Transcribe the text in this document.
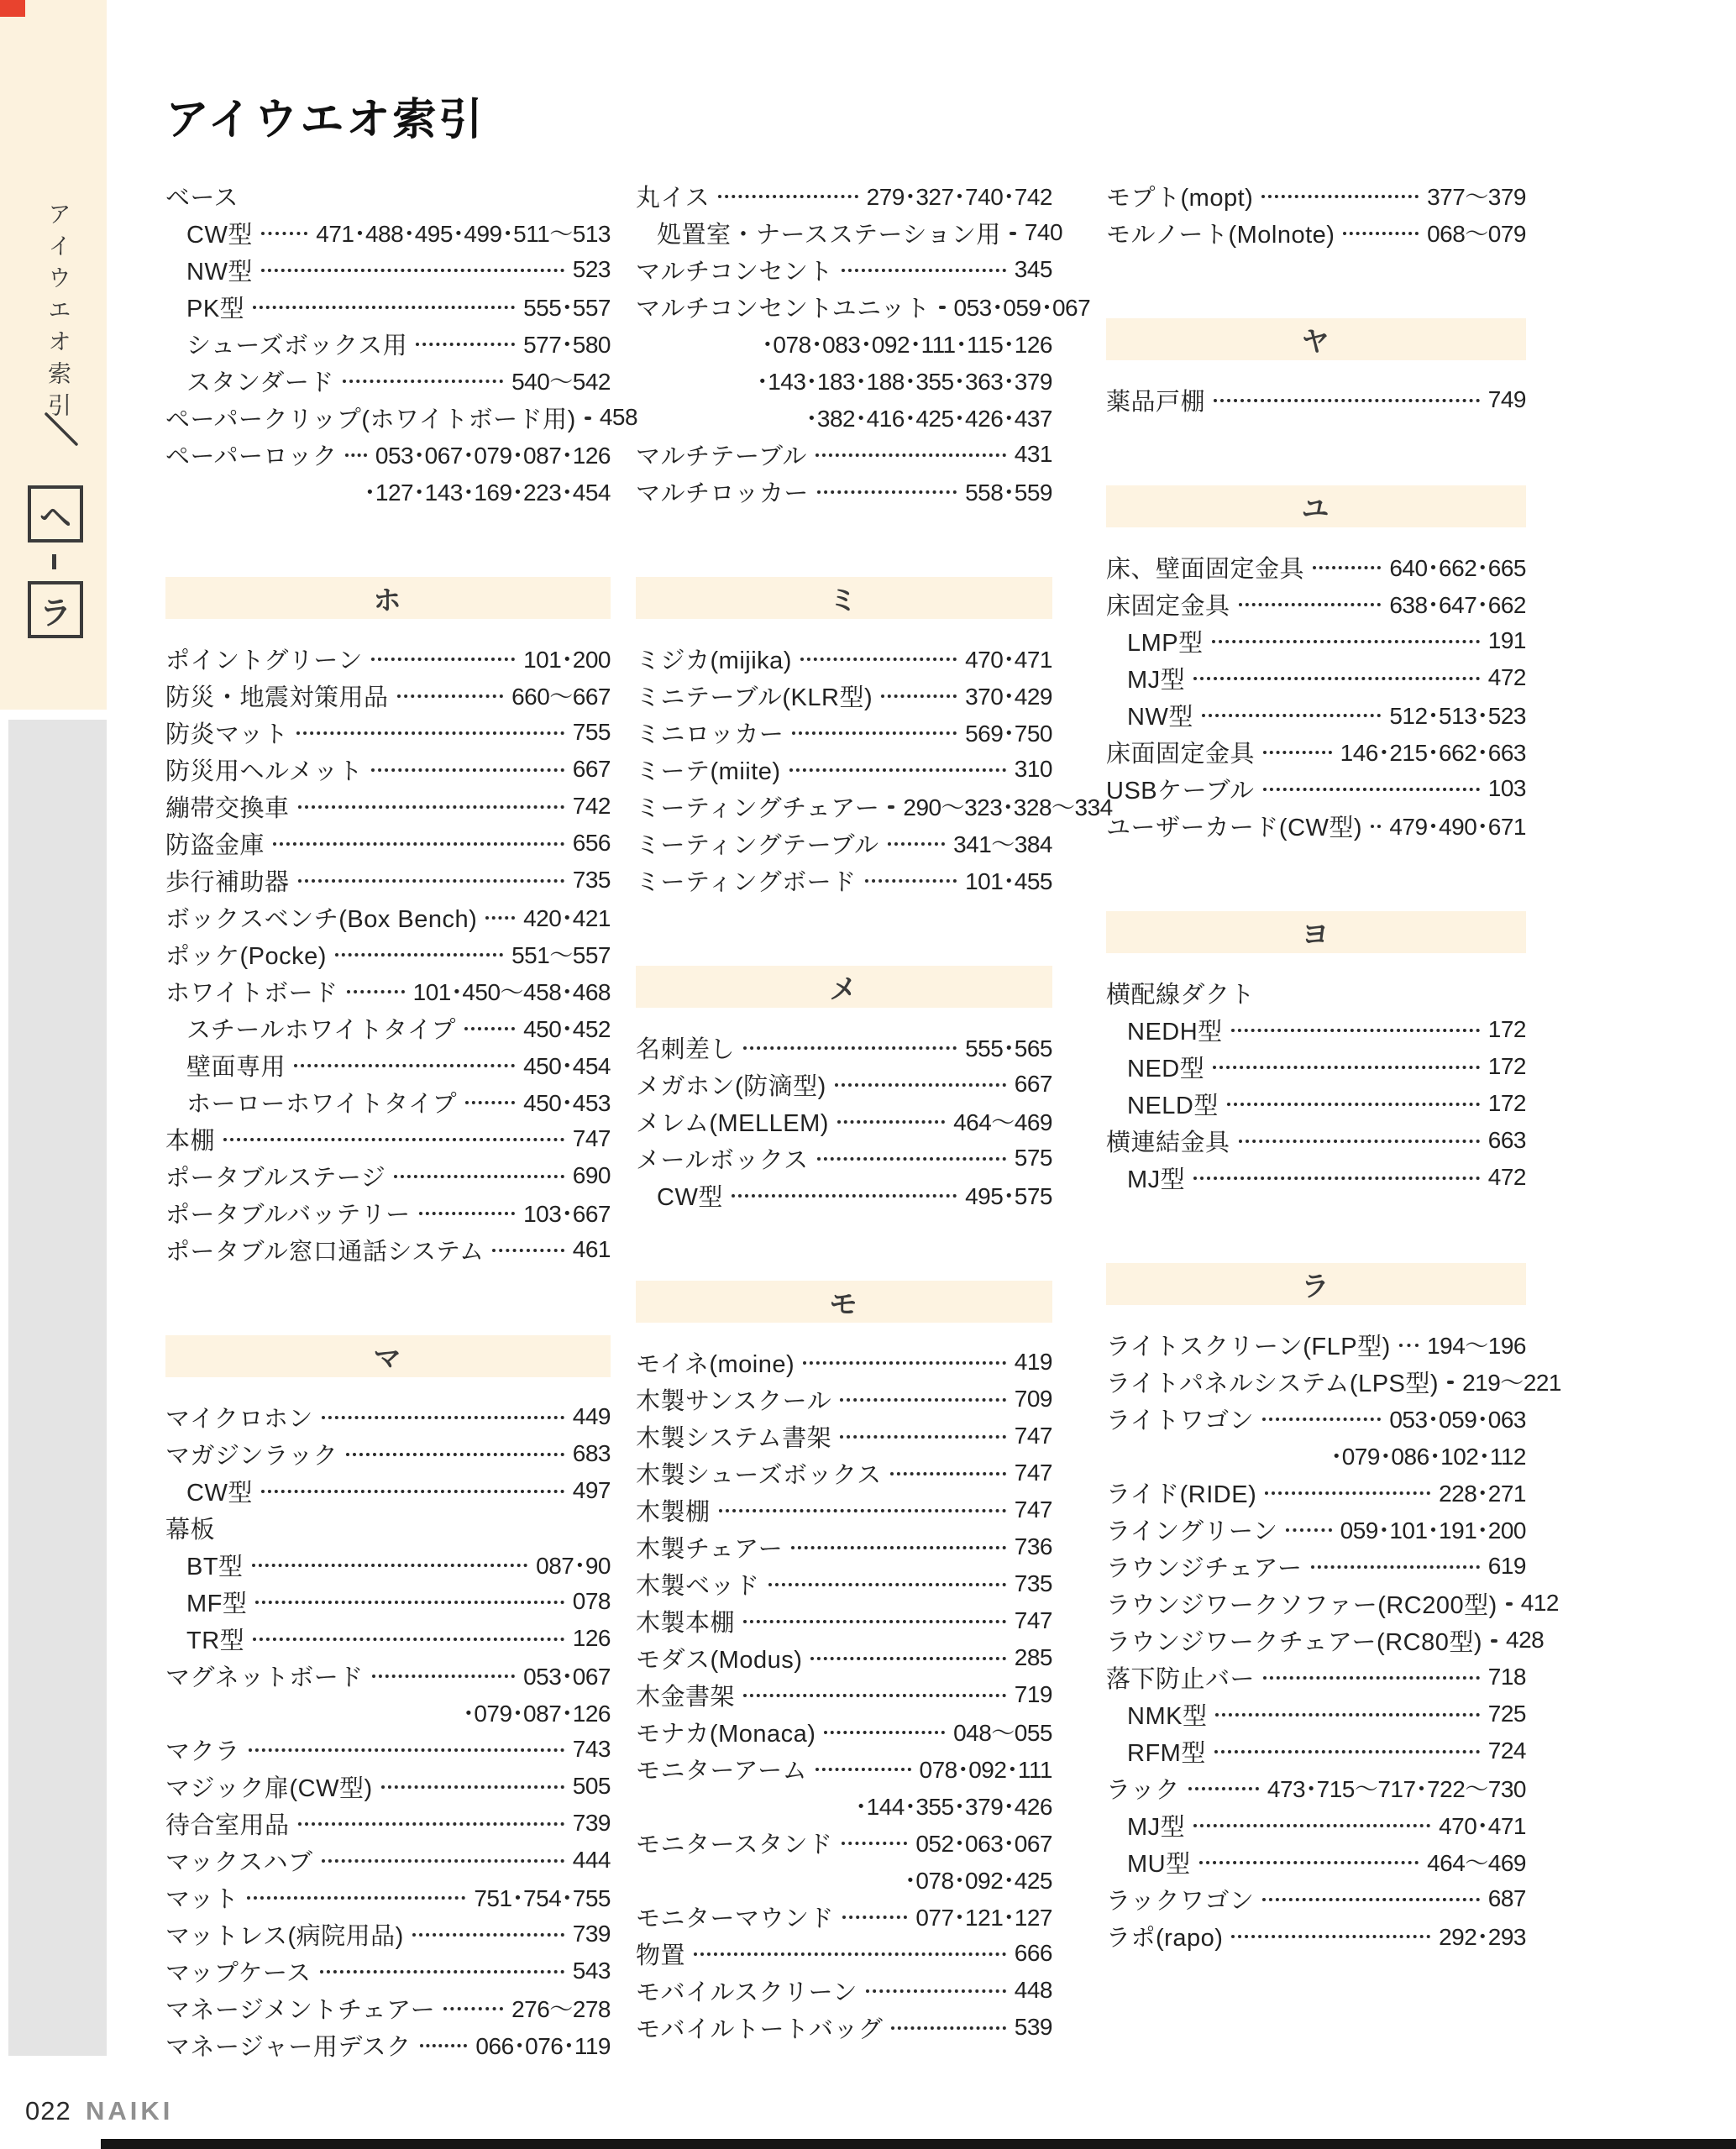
アイウエオ索引
ヘ
ラ
アイウエオ索引
ベース
CW型	471・488・495・499・511〜513
NW型	523
PK型	555・557
シューズボックス用	577・580
スタンダード	540〜542
ペーパークリップ(ホワイトボード用) 458
ペーパーロック 053・067・079・087・126
・127・143・169・223・454
ホ
ポイントグリーン	101・200
防災・地震対策用品	660〜667
防炎マット	755
防災用ヘルメット	667
繃帯交換車	742
防盗金庫	656
歩行補助器	735
ボックスベンチ(Box Bench) 420・421
ポッケ(Pocke)	551〜557
ホワイトボード	101・450〜458・468
スチールホワイトタイプ	450・452
壁面専用	450・454
ホーローホワイトタイプ	450・453
本棚	747
ポータブルステージ	690
ポータブルバッテリー	103・667
ポータブル窓口通話システム	461
マ
マイクロホン	449
マガジンラック	683
CW型	497
幕板
BT型	087・90
MF型	078
TR型	126
マグネットボード	053・067
・079・087・126
マクラ	743
マジック扉(CW型)	505
待合室用品	739
マックスハブ	444
マット	751・754・755
マットレス(病院用品)	739
マップケース	543
マネージメントチェアー	276〜278
マネージャー用デスク	066・076・119
丸イス	279・327・740・742
処置室・ナースステーション用 740
マルチコンセント	345
マルチコンセントユニット 053・059・067
・078・083・092・111・115・126
・143・183・188・355・363・379
・382・416・425・426・437
マルチテーブル	431
マルチロッカー	558・559
ミ
ミジカ(mijika)	470・471
ミニテーブル(KLR型)	370・429
ミニロッカー	569・750
ミーテ(miite)	310
ミーティングチェアー 290〜323・328〜334
ミーティングテーブル	341〜384
ミーティングボード	101・455
メ
名刺差し	555・565
メガホン(防滴型)	667
メレム(MELLEM)	464〜469
メールボックス	575
CW型	495・575
モ
モイネ(moine)	419
木製サンスクール	709
木製システム書架	747
木製シューズボックス	747
木製棚	747
木製チェアー	736
木製ベッド	735
木製本棚	747
モダス(Modus)	285
木金書架	719
モナカ(Monaca)	048〜055
モニターアーム	078・092・111
・144・355・379・426
モニタースタンド	052・063・067
・078・092・425
モニターマウンド	077・121・127
物置	666
モバイルスクリーン	448
モバイルトートバッグ	539
モプト(mopt)	377〜379
モルノート(Molnote)	068〜079
ヤ
薬品戸棚	749
ユ
床、壁面固定金具	640・662・665
床固定金具	638・647・662
LMP型	191
MJ型	472
NW型	512・513・523
床面固定金具	146・215・662・663
USBケーブル	103
ユーザーカード(CW型) 479・490・671
ヨ
横配線ダクト
NEDH型	172
NED型	172
NELD型	172
横連結金具	663
MJ型	472
ラ
ライトスクリーン(FLP型) 194〜196
ライトパネルシステム(LPS型) 219〜221
ライトワゴン	053・059・063
・079・086・102・112
ライド(RIDE)	228・271
ライングリーン	059・101・191・200
ラウンジチェアー	619
ラウンジワークソファー(RC200型) 412
ラウンジワークチェアー(RC80型) 428
落下防止バー	718
NMK型	725
RFM型	724
ラック	473・715〜717・722〜730
MJ型	470・471
MU型	464〜469
ラックワゴン	687
ラポ(rapo)	292・293
022 NAIKI
